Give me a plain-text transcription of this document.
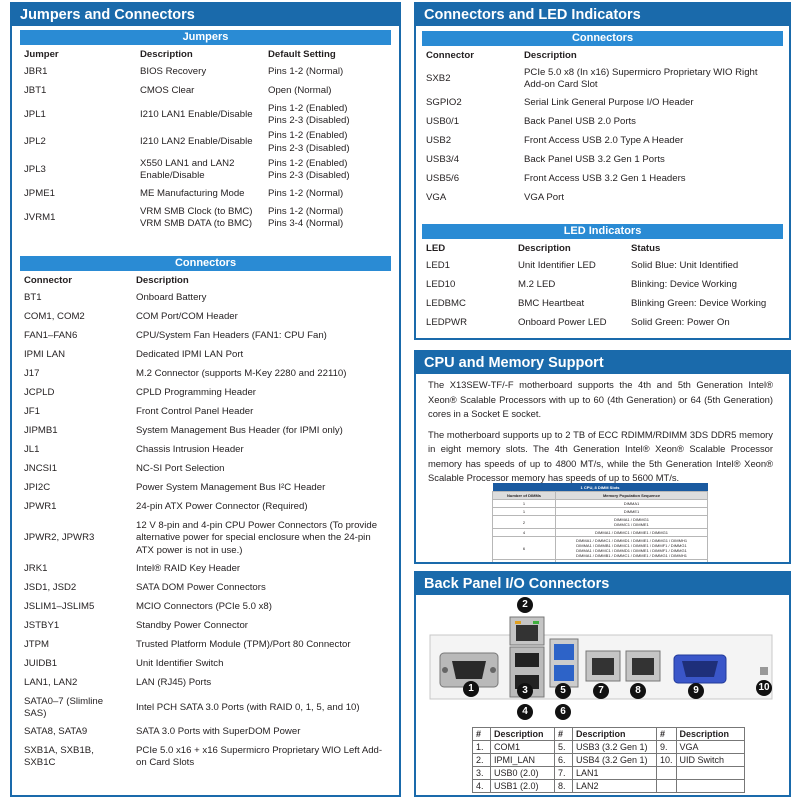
Jumpers and Connectors
Jumpers
Jumper	Description	Default Setting
JBR1	BIOS Recovery	Pins 1-2 (Normal)
JBT1	CMOS Clear	Open (Normal)
JPL1	I210 LAN1 Enable/Disable	Pins 1-2 (Enabled)
Pins 2-3 (Disabled)
JPL2	I210 LAN2 Enable/Disable	Pins 1-2 (Enabled)
Pins 2-3 (Disabled)
JPL3	X550 LAN1 and LAN2
Enable/Disable	Pins 1-2 (Enabled)
Pins 2-3 (Disabled)
JPME1	ME Manufacturing Mode	Pins 1-2 (Normal)
JVRM1	VRM SMB Clock (to BMC)
VRM SMB DATA (to BMC)	Pins 1-2 (Normal)
Pins 3-4 (Normal)
Connectors
Connector	Description
BT1	Onboard Battery
COM1, COM2	COM Port/COM Header
FAN1–FAN6	CPU/System Fan Headers (FAN1: CPU Fan)
IPMI LAN	Dedicated IPMI LAN Port
J17	M.2 Connector (supports M-Key 2280 and 22110)
JCPLD	CPLD Programming Header
JF1	Front Control Panel Header
JIPMB1	System Management Bus Header (for IPMI only)
JL1	Chassis Intrusion Header
JNCSI1	NC-SI Port Selection
JPI2C	Power System Management Bus I²C Header
JPWR1	24-pin ATX Power Connector (Required)
JPWR2, JPWR3	12 V 8-pin and 4-pin CPU Power Connectors (To provide alternative power for special enclosure when the 24-pin ATX power is not in use.)
JRK1	Intel® RAID Key Header
JSD1, JSD2	SATA DOM Power Connectors
JSLIM1–JSLIM5	MCIO Connectors (PCIe 5.0 x8)
JSTBY1	Standby Power Connector
JTPM	Trusted Platform Module (TPM)/Port 80 Connector
JUIDB1	Unit Identifier Switch
LAN1, LAN2	LAN (RJ45) Ports
SATA0–7 (Slimline
SAS)	Intel PCH SATA 3.0 Ports (with RAID 0, 1, 5, and 10)
SATA8, SATA9	SATA 3.0 Ports with SuperDOM Power
SXB1A, SXB1B,
SXB1C	PCIe 5.0 x16 + x16 Supermicro Proprietary WIO Left Add-on Card Slots
Connectors and LED Indicators
Connectors
Connector	Description
SXB2	PCIe 5.0 x8 (In x16) Supermicro Proprietary WIO Right Add-on Card Slot
SGPIO2	Serial Link General Purpose I/O Header
USB0/1	Back Panel USB 2.0 Ports
USB2	Front Access USB 2.0 Type A Header
USB3/4	Back Panel USB 3.2 Gen 1 Ports
USB5/6	Front Access USB 3.2 Gen 1 Headers
VGA	VGA Port
LED Indicators
LED	Description	Status
LED1	Unit Identifier LED	Solid Blue: Unit Identified
LED10	M.2 LED	Blinking: Device Working
LEDBMC	BMC Heartbeat	Blinking Green: Device Working
LEDPWR	Onboard Power LED	Solid Green: Power On
CPU and Memory Support

The X13SEW-TF/-F motherboard supports the 4th and 5th Generation Intel® Xeon® Scalable Processors with up to 60 (4th Generation) or 64 (5th Generation) cores in a Socket E socket.

The motherboard supports up to 2 TB of ECC RDIMM/RDIMM 3DS DDR5 memory in eight memory slots. The 4th Generation Intel® Xeon® Scalable Processor memory has speeds of up to 4800 MT/s, while the 5th Generation Intel® Xeon® Scalable Processor memory has speeds of up to 5600 MT/s.

1 CPU, 8 DIMM Slots	
Number of DIMMs	Memory Population Sequence
1	DIMMA1
1	DIMME1
2	DIMMA1 / DIMMG1
DIMMC1 / DIMME1
4	DIMMA1 / DIMMC1 / DIMME1 / DIMMG1
6	DIMMA1 / DIMMC1 / DIMMD1 / DIMME1 / DIMMG1 / DIMMH1
DIMMA1 / DIMMB1 / DIMMC1 / DIMME1 / DIMMF1 / DIMMG1
DIMMA1 / DIMMC1 / DIMMD1 / DIMME1 / DIMMF1 / DIMMG1
DIMMA1 / DIMMB1 / DIMMC1 / DIMME1 / DIMMG1 / DIMMH1
8	DIMMA1 / DIMMB1 / DIMMC1 / DIMMD1 / DIMME1 / DIMMF1 / DIMMG1 / DIMMH1
Back Panel I/O Connectors
1
2
3
4
5
6
7	8	9	10
#	Description	#	Description	#	Description
1.	COM1	5.	USB3 (3.2 Gen 1)	9.	VGA
2.	IPMI_LAN	6.	USB4 (3.2 Gen 1)	10.	UID Switch
3.	USB0 (2.0)	7.	LAN1		
4.	USB1 (2.0)	8.	LAN2		
